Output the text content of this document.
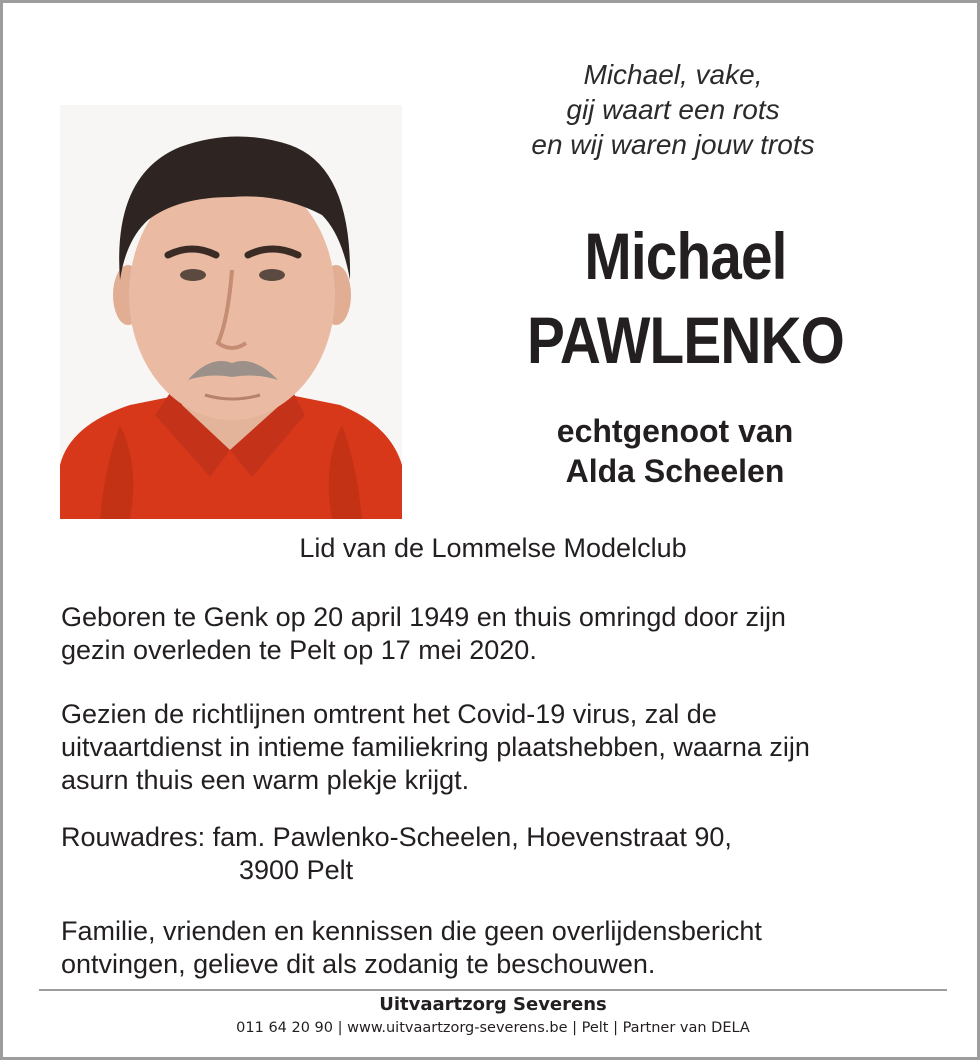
Michael, vake,
gij waart een rots
en wij waren jouw trots
Michael
PAWLENKO
echtgenoot van
Alda Scheelen
Lid van de Lommelse Modelclub
Geboren te Genk op 20 april 1949 en thuis omringd door zijn
gezin overleden te Pelt op 17 mei 2020.
Gezien de richtlijnen omtrent het Covid-19 virus, zal de
uitvaartdienst in intieme familiekring plaatshebben, waarna zijn
asurn thuis een warm plekje krijgt.
Rouwadres: fam. Pawlenko-Scheelen, Hoevenstraat 90,
3900 Pelt
Familie, vrienden en kennissen die geen overlijdensbericht
ontvingen, gelieve dit als zodanig te beschouwen.
Uitvaartzorg Severens
011 64 20 90 | www.uitvaartzorg-severens.be | Pelt | Partner van DELA
